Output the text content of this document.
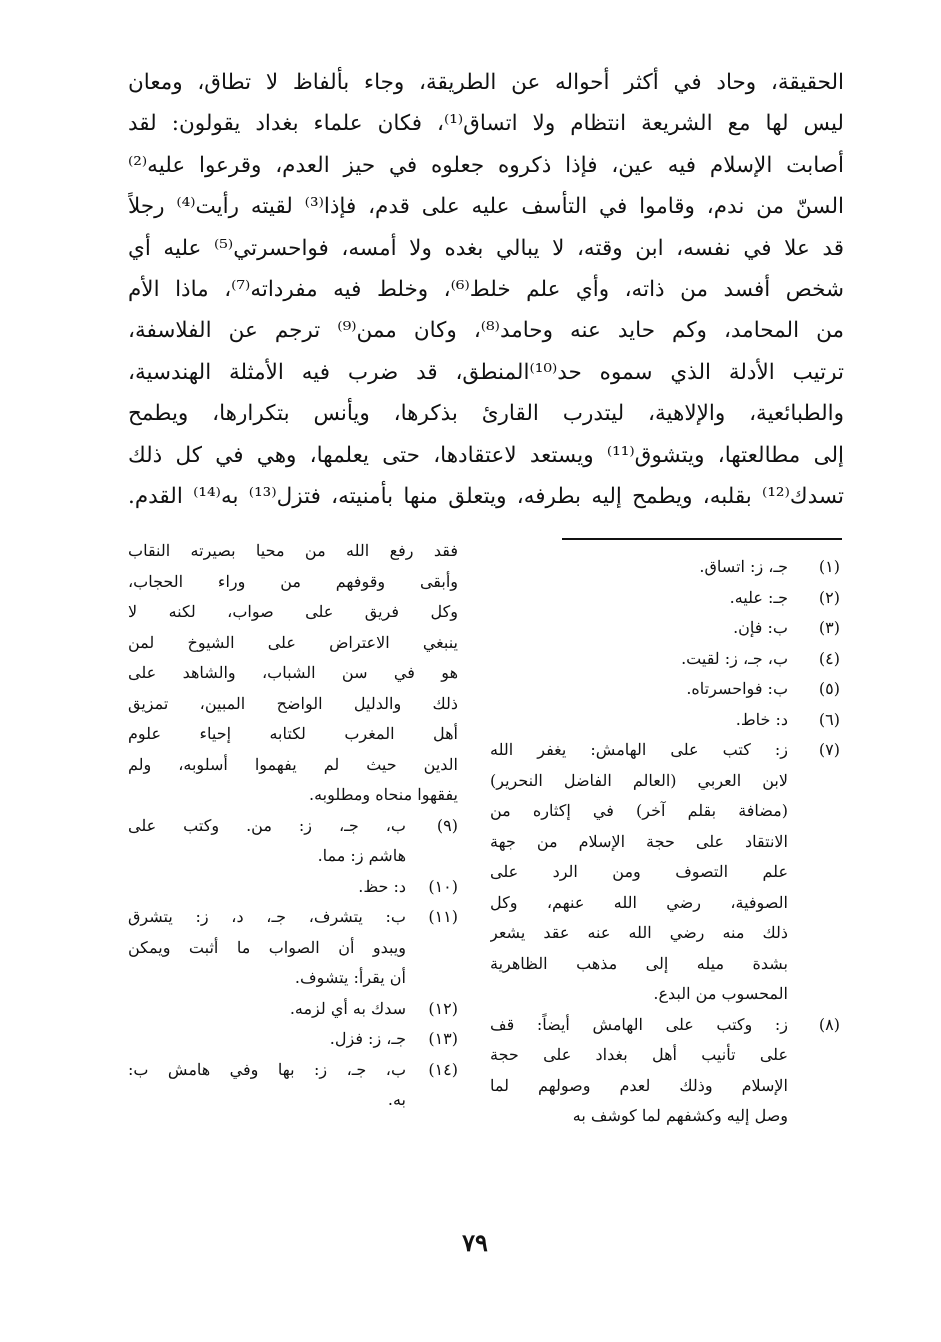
الحقيقة، وحاد في أكثر أحواله عن الطريقة، وجاء بألفاظ لا تطاق، ومعان
ليس لها مع الشريعة انتظام ولا اتساق⁽¹⁾، فكان علماء بغداد يقولون: لقد
أصابت الإسلام فيه عين، فإذا ذكروه جعلوه في حيز العدم، وقرعوا عليه⁽²⁾
السنّ من ندم، وقاموا في التأسف عليه على قدم، فإذا⁽³⁾ لقيته رأيت⁽⁴⁾ رجلاً
قد علا في نفسه، ابن وقته، لا يبالي بغده ولا أمسه، فواحسرتي⁽⁵⁾ عليه أي
شخص أفسد من ذاته، وأي علم خلط⁽⁶⁾، وخلط فيه مفرداته⁽⁷⁾، ماذا الأم
من المحامد، وكم حايد عنه وحامد⁽⁸⁾، وكان ممن⁽⁹⁾ ترجم عن الفلاسفة،
ترتيب الأدلة الذي سموه حد⁽¹⁰⁾المنطق، قد ضرب فيه الأمثلة الهندسية،
والطبائعية، والإلاهية، ليتدرب القارئ بذكرها، ويأنس بتكرارها، ويطمح
إلى مطالعتها، ويتشوق⁽¹¹⁾ ويستعد لاعتقادها، حتى يعلمها، وهي في كل ذلك
تسدك⁽¹²⁾ بقلبه، ويطمح إليه بطرفه، ويتعلق منها بأمنيته، فتزل⁽¹³⁾ به⁽¹⁴⁾ القدم.
(١)
جـ، ز: اتساق.
(٢)
جـ: عليه.
(٣)
ب: فإن.
(٤)
ب، جـ، ز: لقيت.
(٥)
ب: فواحسرتاه.
(٦)
د: خاط.
(٧)
ز: كتب على الهامش: يغفر الله
لابن العربي (العالم الفاضل النحرير)
(مضافة بقلم آخر) في إكثاره من
الانتقاد على حجة الإسلام من جهة
علم التصوف ومن الرد على
الصوفية، رضي الله عنهم، وكل
ذلك منه رضي الله عنه عقد يشعر
بشدة ميله إلى مذهب الظاهرية
المحسوب من البدع.
(٨)
ز: وكتب على الهامش أيضاً: قف
على تأنيب أهل بغداد على حجة
الإسلام وذلك لعدم وصولهم لما
وصل إليه وكشفهم لما كوشف به
فقد رفع الله من محيا بصيرته النقاب
وأبقى وقوفهم من وراء الحجاب،
وكل فريق على صواب، لكنه لا
ينبغي الاعتراض على الشيوخ لمن
هو في سن الشباب، والشاهد على
ذلك والدليل الواضح المبين، تمزيق
أهل المغرب لكتابه إحياء علوم
الدين حيث لم يفهموا أسلوبه، ولم
يفقهوا منحاه ومطلوبه.
(٩)
ب، جـ، ز: من. وكتب على
هاشم ز: مما.
(١٠)
د: حظ.
(١١)
ب: يتشرف، جـ، د، ز: يتشرق
ويبدو أن الصواب ما أثبت ويمكن
أن يقرأ: يتشوف.
(١٢)
سدك به أي لزمه.
(١٣)
جـ، ز: فزل.
(١٤)
ب، جـ، ز: بها وفي هامش ب:
به.
٧٩
